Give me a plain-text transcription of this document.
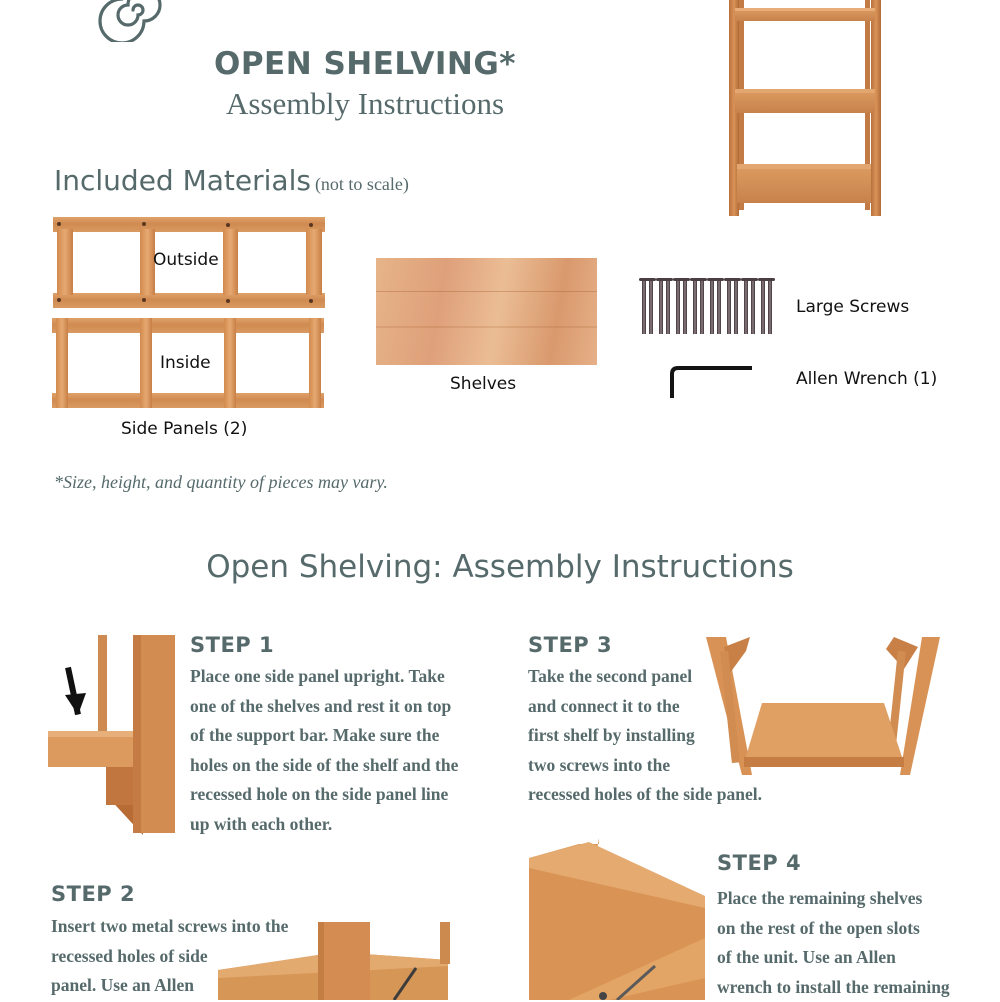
OPEN SHELVING*
Assembly Instructions
Included Materials (not to scale)
Outside
Inside
Side Panels (2)
Shelves
Large Screws
Allen Wrench (1)
*Size, height, and quantity of pieces may vary.
Open Shelving: Assembly Instructions
STEP 1
Place one side panel upright. Take
one of the shelves and rest it on top
of the support bar. Make sure the
holes on the side of the shelf and the
recessed hole on the side panel line
up with each other.
STEP 2
Insert two metal screws into the
recessed holes of side
panel. Use an Allen
STEP 3
Take the second panel
and connect it to the
first shelf by installing
two screws into the
recessed holes of the side panel.
STEP 4
Place the remaining shelves
on the rest of the open slots
of the unit. Use an Allen
wrench to install the remaining
